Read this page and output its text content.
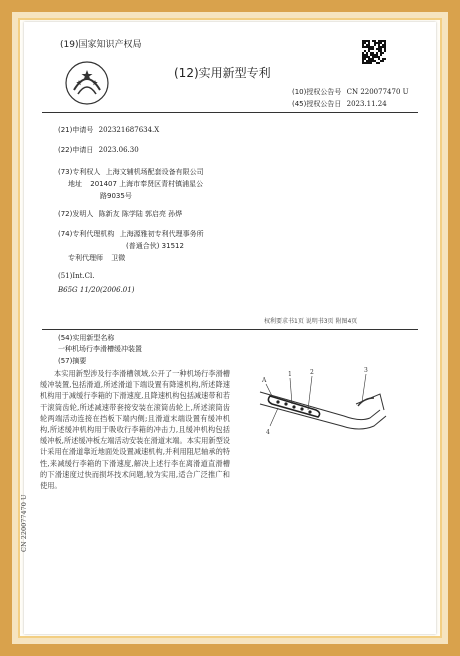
(19)国家知识产权局
(12)实用新型专利
(10)授权公告号 CN 220077470 U
(45)授权公告日 2023.11.24
(21)申请号 202321687634.X
(22)申请日 2023.06.30
(73)专利权人 上海文辅机场配套设备有限公司
地址 201407 上海市奉贤区青村镇浦星公
路9035号
(72)发明人 陈新友 陈学陆 郭启亮 孙烨
(74)专利代理机构 上海源雅初专利代理事务所
(普通合伙) 31512
专利代理师 卫微
(51)Int.Cl.
B65G 11/20(2006.01)
权利要求书1页 说明书3页 附图4页
(54)实用新型名称
一种机场行李滑槽缓冲装置
(57)摘要
本实用新型涉及行李滑槽领域,公开了一种机场行李滑槽缓冲装置,包括滑道,所述滑道下端设置有降速机构,所述降速机构用于减缓行李箱的下滑速度,且降速机构包括减速带和若干滚筒齿轮,所述减速带套接安装在滚筒齿轮上,所述滚筒齿轮两端活动连接在挡板下端内侧;且滑道末端设置有缓冲机构,所述缓冲机构用于吸收行李箱的冲击力,且缓冲机构包括缓冲板,所述缓冲板左端活动安装在滑道末端。本实用新型设计采用在滑道靠近地面处设置减速机构,并利用阻尼轴承的特性,来减缓行李箱的下滑速度,解决上述行李在离滑道直滑槽的下滑速度过快而损坏技术问题,较为实用,适合广泛推广和使用。
A
1	2	3
4
CN 220077470 U
